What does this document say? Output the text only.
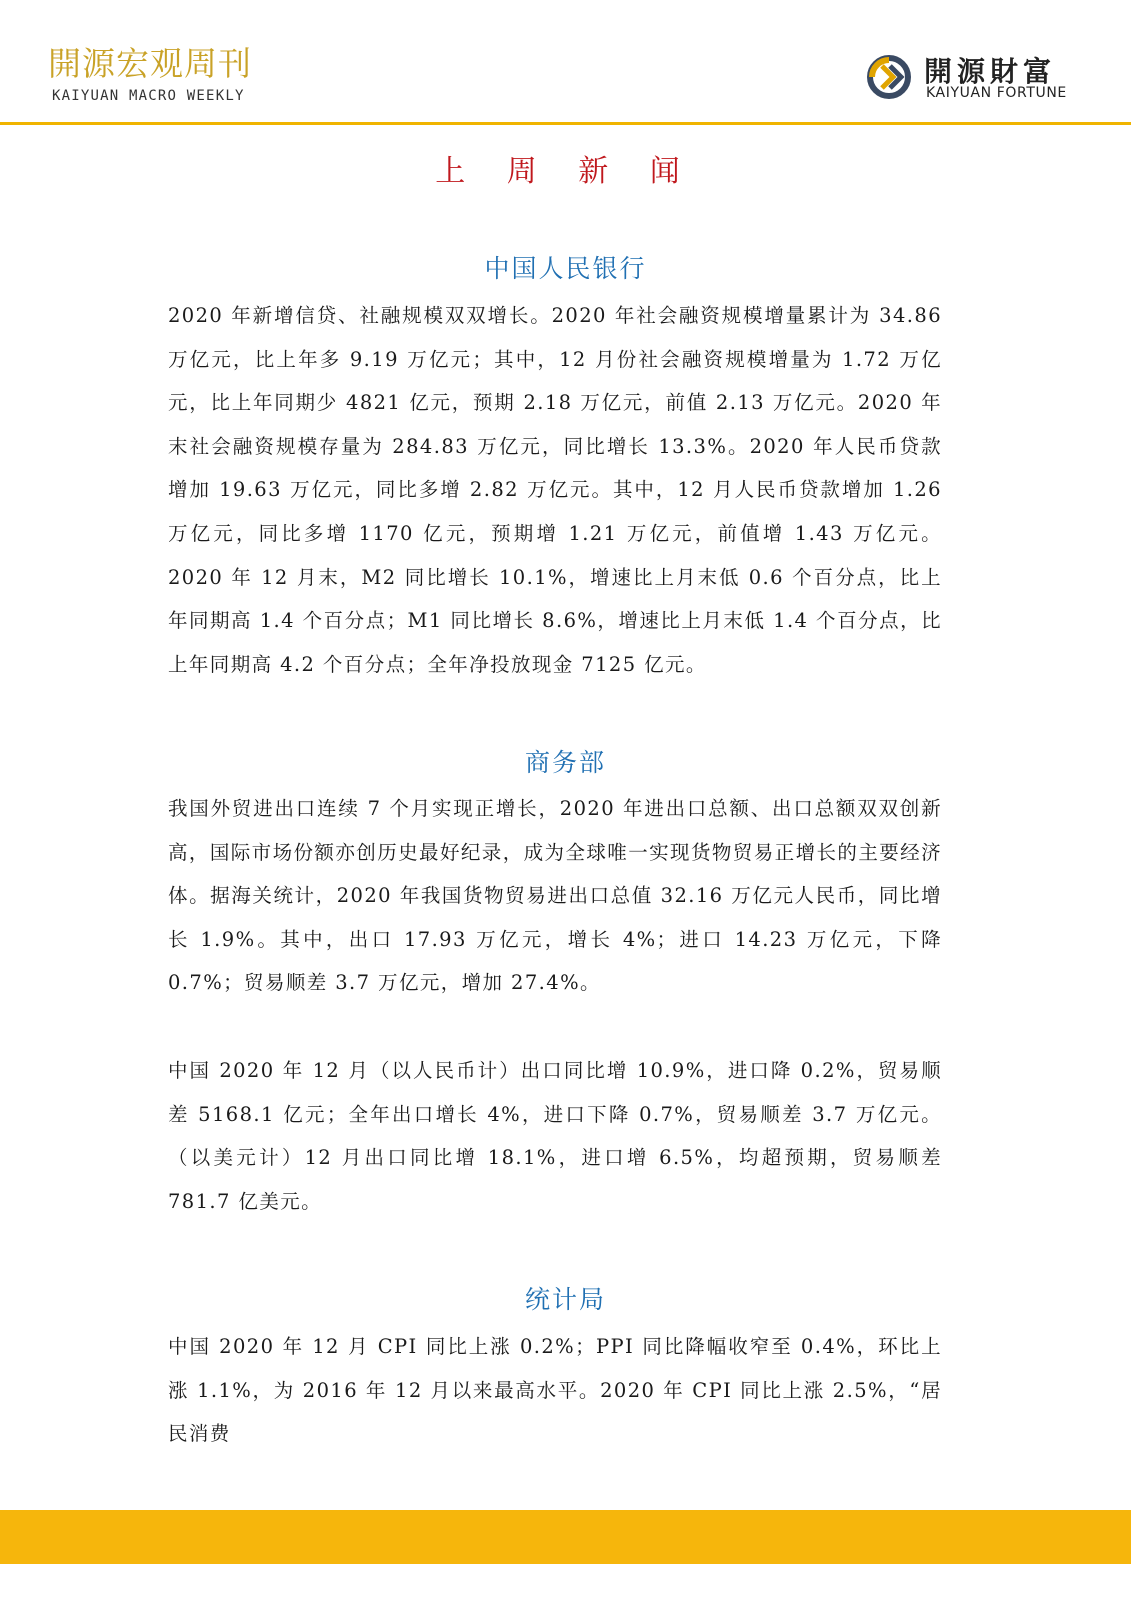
開源宏观周刊
KAIYUAN MACRO WEEKLY
開源財富
KAIYUAN FORTUNE
上 周 新 闻
中国人民银行

2020 年新增信贷、社融规模双双增长。2020 年社会融资规模增量累计为 34.86 万亿元，比上年多 9.19 万亿元；其中，12 月份社会融资规模增量为 1.72 万亿元，比上年同期少 4821 亿元，预期 2.18 万亿元，前值 2.13 万亿元。2020 年末社会融资规模存量为 284.83 万亿元，同比增长 13.3%。2020 年人民币贷款增加 19.63 万亿元，同比多增 2.82 万亿元。其中，12 月人民币贷款增加 1.26 万亿元，同比多增 1170 亿元，预期增 1.21 万亿元，前值增 1.43 万亿元。2020 年 12 月末，M2 同比增长 10.1%，增速比上月末低 0.6 个百分点，比上年同期高 1.4 个百分点；M1 同比增长 8.6%，增速比上月末低 1.4 个百分点，比上年同期高 4.2 个百分点；全年净投放现金 7125 亿元。

商务部

我国外贸进出口连续 7 个月实现正增长，2020 年进出口总额、出口总额双双创新高，国际市场份额亦创历史最好纪录，成为全球唯一实现货物贸易正增长的主要经济体。据海关统计，2020 年我国货物贸易进出口总值 32.16 万亿元人民币，同比增长 1.9%。其中，出口 17.93 万亿元，增长 4%；进口 14.23 万亿元，下降 0.7%；贸易顺差 3.7 万亿元，增加 27.4%。

中国 2020 年 12 月（以人民币计）出口同比增 10.9%，进口降 0.2%，贸易顺差 5168.1 亿元；全年出口增长 4%，进口下降 0.7%，贸易顺差 3.7 万亿元。（以美元计）12 月出口同比增 18.1%，进口增 6.5%，均超预期，贸易顺差 781.7 亿美元。

统计局

中国 2020 年 12 月 CPI 同比上涨 0.2%；PPI 同比降幅收窄至 0.4%，环比上涨 1.1%，为 2016 年 12 月以来最高水平。2020 年 CPI 同比上涨 2.5%，“居民消费
